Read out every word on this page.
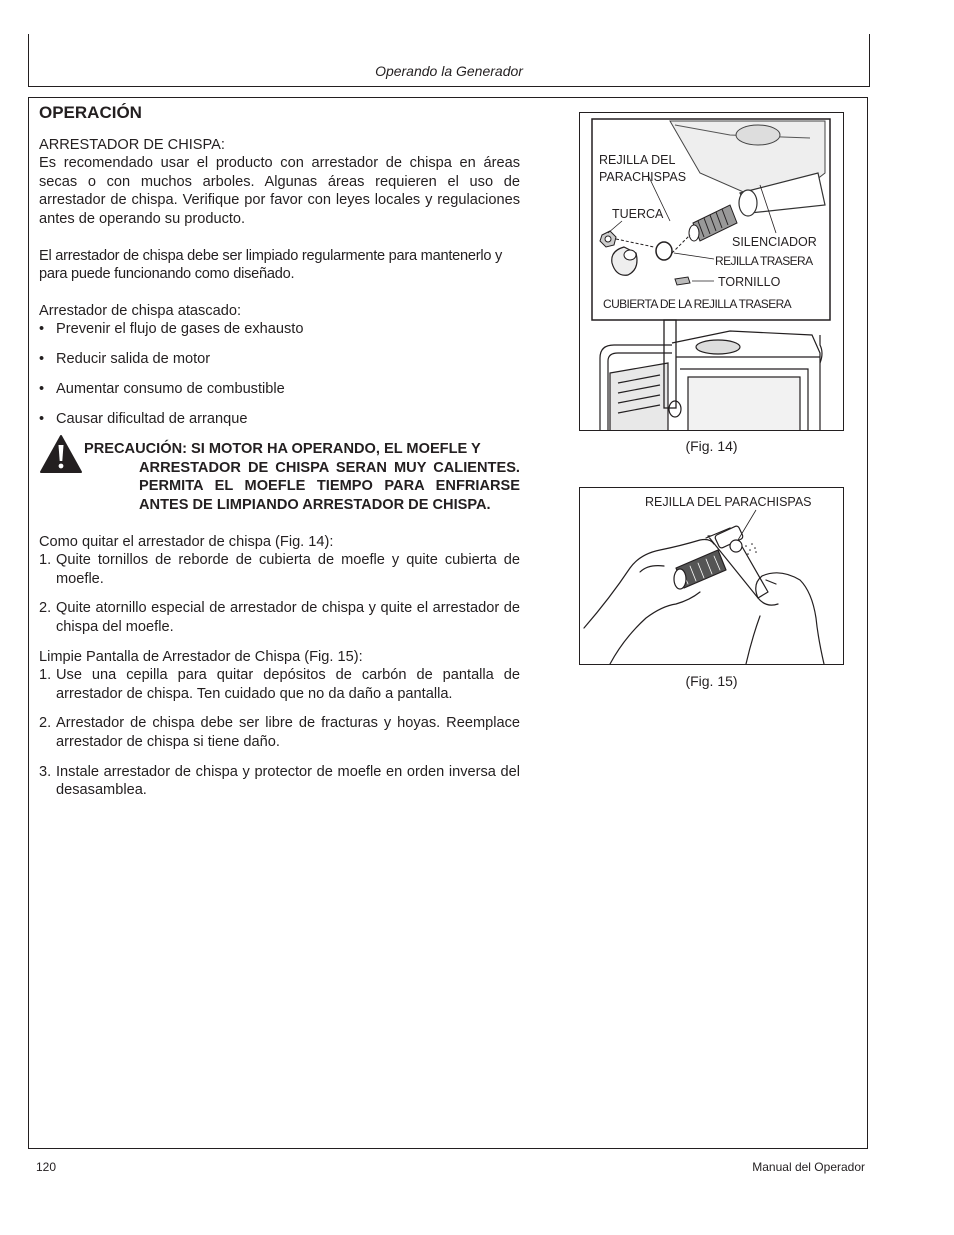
Operando la Generador
OPERACIÓN

ARRESTADOR DE CHISPA:

Es recomendado usar el producto con arrestador de chispa en áreas secas o con muchos arboles. Algunas áreas requieren el uso de arrestador de chispa. Verifique por favor con leyes locales y regulaciones antes de operando su producto.

El arrestador de chispa debe ser limpiado regularmente para mantenerlo y para puede funcionando como diseñado.

Arrestador de chispa atascado:

• Prevenir el flujo de gases de exhausto
• Reducir salida de motor
• Aumentar consumo de combustible
• Causar dificultad de arranque
PRECAUCIÓN: SI MOTOR HA OPERANDO, EL MOEFLE Y
ARRESTADOR DE CHISPA SERAN MUY CALIENTES. PERMITA EL MOEFLE TIEMPO PARA ENFRIARSE ANTES DE LIMPIANDO ARRESTADOR DE CHISPA.

Como quitar el arrestador de chispa (Fig. 14):

1. Quite tornillos de reborde de cubierta de moefle y quite cubierta de moefle.
2. Quite atornillo especial de arrestador de chispa y quite el arrestador de chispa del moefle.

Limpie Pantalla de Arrestador de Chispa (Fig. 15):

1. Use una cepilla para quitar depósitos de carbón de pantalla de arrestador de chispa. Ten cuidado que no da daño a pantalla.
2. Arrestador de chispa debe ser libre de fracturas y hoyas. Reemplace arrestador de chispa si tiene daño.
3. Instale arrestador de chispa y protector de moefle en orden inversa del desasamblea.
REJILLA DEL
PARACHISPAS
TUERCA
SILENCIADOR
REJILLA TRASERA
TORNILLO
CUBIERTA DE LA REJILLA TRASERA
(Fig. 14)
REJILLA DEL PARACHISPAS
(Fig. 15)
120	Manual del Operador
